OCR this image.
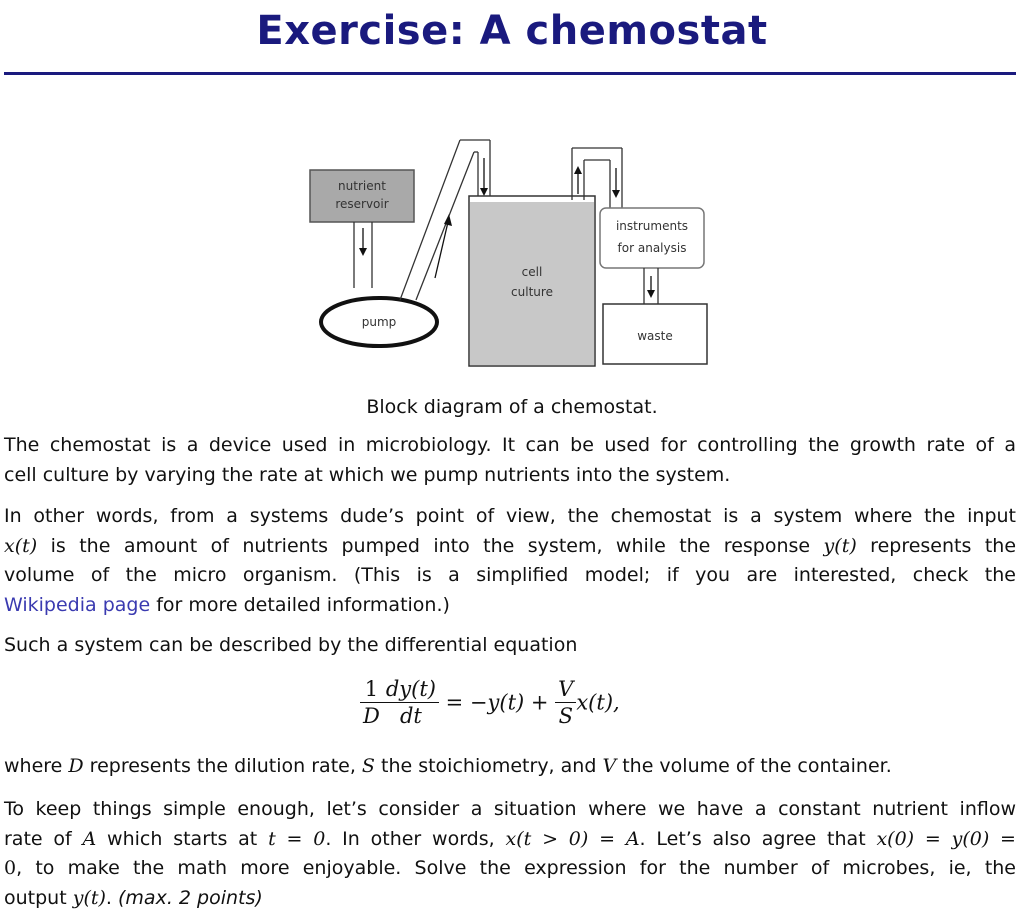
Exercise: A chemostat
nutrient
reservoir
pump
cell
culture
instruments
for analysis
waste
Block diagram of a chemostat.

The chemostat is a device used in microbiology. It can be used for controlling the growth rate of a
cell culture by varying the rate at which we pump nutrients into the system.

In other words, from a systems dude’s point of view, the chemostat is a system where the input
x(t) is the amount of nutrients pumped into the system, while the response y(t) represents the
volume of the micro organism. (This is a simplified model; if you are interested, check the
Wikipedia page for more detailed information.)

Such a system can be described by the differential equation

$\frac{1}{D} \frac{dy(t)}{dt} = -y(t) + \frac{V}{S} x(t)$,

where D represents the dilution rate, S the stoichiometry, and V the volume of the container.

To keep things simple enough, let’s consider a situation where we have a constant nutrient inflow
rate of A which starts at t = 0. In other words, x(t > 0) = A. Let’s also agree that x(0) = y(0) =
0, to make the math more enjoyable. Solve the expression for the number of microbes, ie, the
output y(t). (max. 2 points)
